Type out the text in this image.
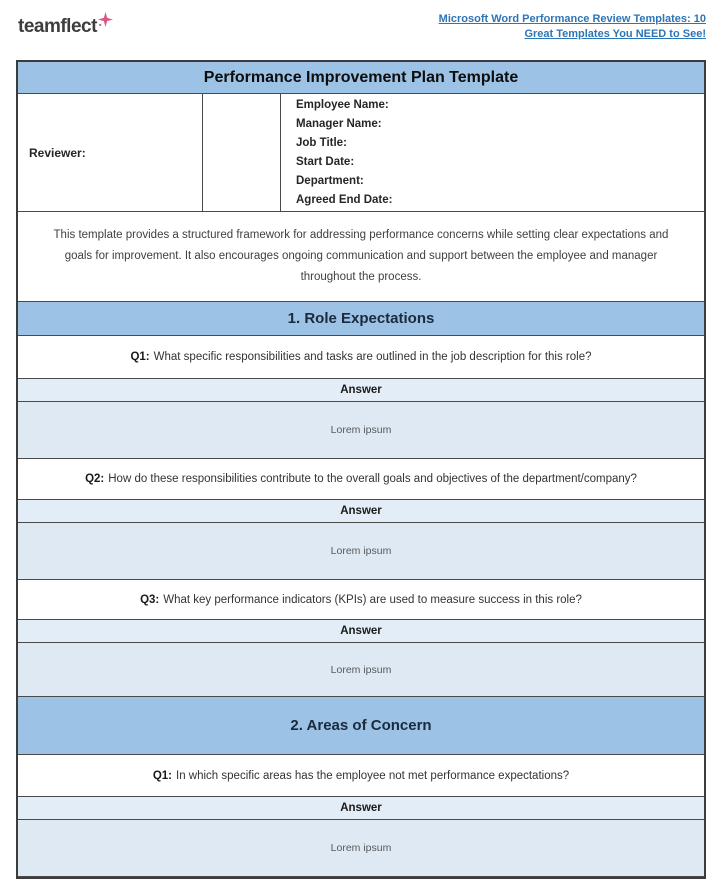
teamflect	Microsoft Word Performance Review Templates: 10
Great Templates You NEED to See!
Performance Improvement Plan Template
Reviewer:
Employee Name:
Manager Name:
Job Title:
Start Date:
Department:
Agreed End Date:
This template provides a structured framework for addressing performance concerns while setting clear expectations and goals for improvement. It also encourages ongoing communication and support between the employee and manager throughout the process.
1. Role Expectations
Q1: What specific responsibilities and tasks are outlined in the job description for this role?
Answer
Lorem ipsum
Q2: How do these responsibilities contribute to the overall goals and objectives of the department/company?
Answer
Lorem ipsum
Q3: What key performance indicators (KPIs) are used to measure success in this role?
Answer
Lorem ipsum
2. Areas of Concern
Q1: In which specific areas has the employee not met performance expectations?
Answer
Lorem ipsum
